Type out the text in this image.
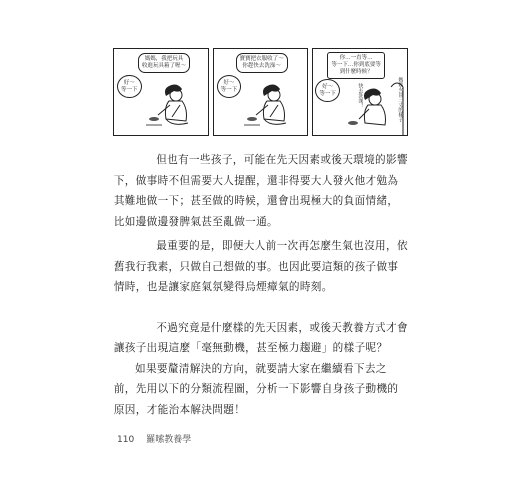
媽媽，我把玩具
收進玩具箱了喔～
好～
等一下
寶寶把衣服收了～
你趕快去洗澡～
好～
等一下
你…一直等…
等一下…你到底要等
到什麼時候？
好～
等一下	快去洗澡！	媽媽火冒三丈的樣子

但也有一些孩子，可能在先天因素或後天環境的影響
下，做事時不但需要大人提醒，還非得要大人發火他才勉為
其難地做一下；甚至做的時候，還會出現極大的負面情緒，
比如邊做邊發脾氣甚至亂做一通。

最重要的是，即便大人前一次再怎麼生氣也沒用，依
舊我行我素，只做自己想做的事。也因此要這類的孩子做事
情時，也是讓家庭氣氛變得烏煙瘴氣的時刻。

不過究竟是什麼樣的先天因素，或後天教養方式才會
讓孩子出現這麼「毫無動機，甚至極力趨避」的樣子呢？
如果要釐清解決的方向，就要請大家在繼續看下去之
前，先用以下的分類流程圖，分析一下影響自身孩子動機的
原因，才能治本解決問題！

110 羅嗦教養學
